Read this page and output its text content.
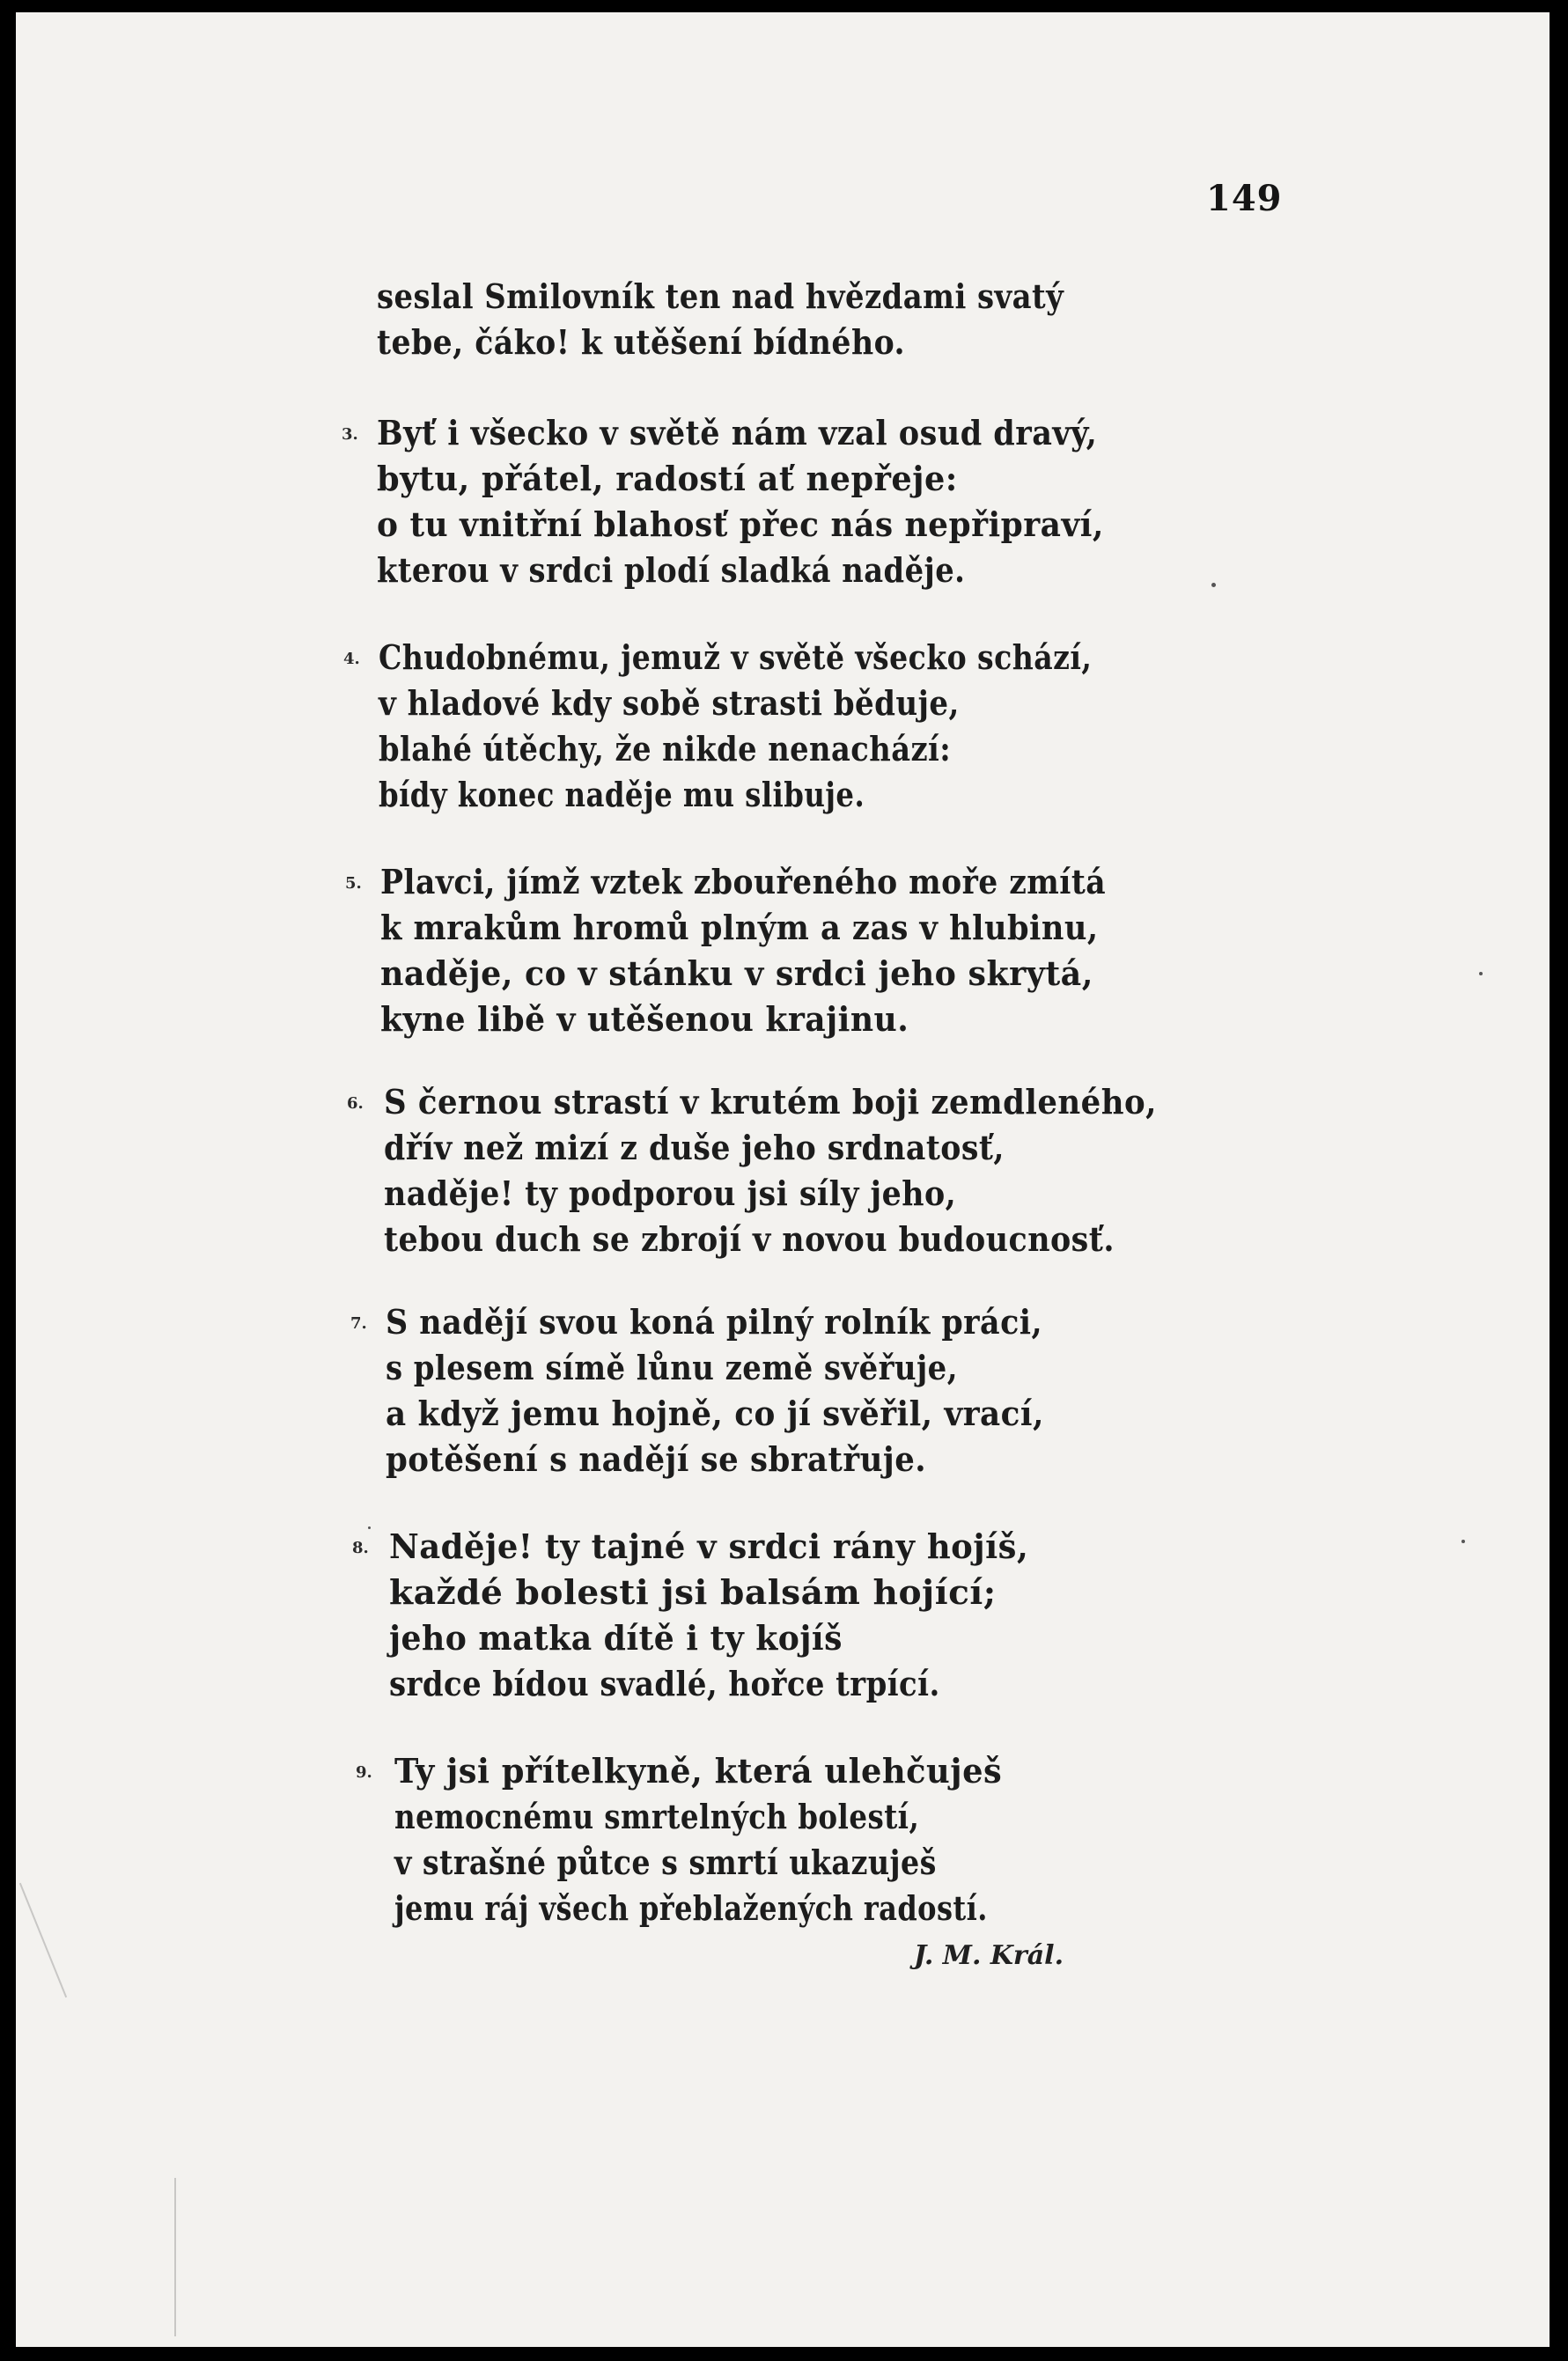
149
seslal Smilovník ten nad hvězdami svatý
tebe, čáko! k utěšení bídného.
3. Byť i všecko v světě nám vzal osud dravý,
bytu, přátel, radostí ať nepřeje:
o tu vnitřní blahosť přec nás nepřipraví,
kterou v srdci plodí sladká naděje.
4. Chudobnému, jemuž v světě všecko schází,
v hladové kdy sobě strasti běduje,
blahé útěchy, že nikde nenachází:
bídy konec naděje mu slibuje.
5. Plavci, jímž vztek zbouřeného moře zmítá
k mrakům hromů plným a zas v hlubinu,
naděje, co v stánku v srdci jeho skrytá,
kyne libě v utěšenou krajinu.
6. S černou strastí v krutém boji zemdleného,
dřív než mizí z duše jeho srdnatosť,
naděje! ty podporou jsi síly jeho,
tebou duch se zbrojí v novou budoucnosť.
7. S nadějí svou koná pilný rolník práci,
s plesem símě lůnu země svěřuje,
a když jemu hojně, co jí svěřil, vrací,
potěšení s nadějí se sbratřuje.
8. Naděje! ty tajné v srdci rány hojíš,
každé bolesti jsi balsám hojící;
jeho matka dítě i ty kojíš
srdce bídou svadlé, hořce trpící.
9. Ty jsi přítelkyně, která ulehčuješ
nemocnému smrtelných bolestí,
v strašné půtce s smrtí ukazuješ
jemu ráj všech přeblažených radostí.
J. M. Král.
